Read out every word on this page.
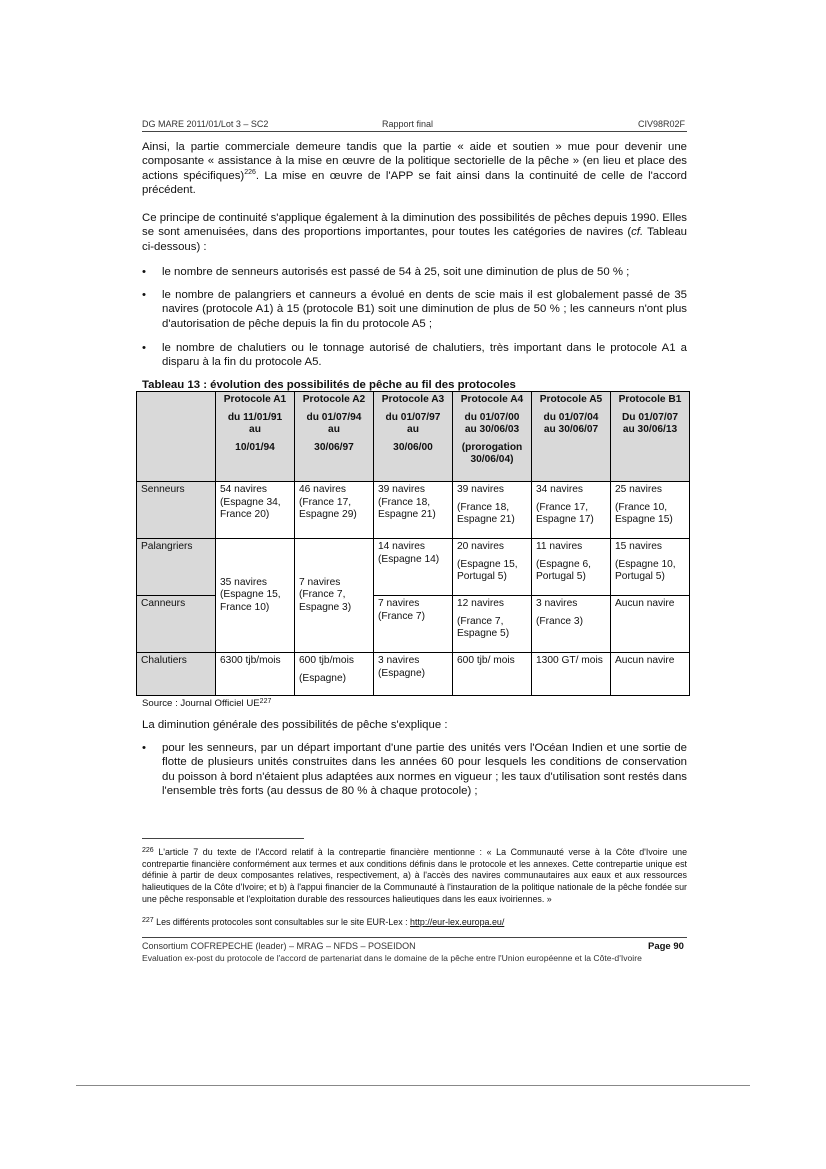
DG MARE 2011/01/Lot 3 – SC2	Rapport final	CIV98R02F
Ainsi, la partie commerciale demeure tandis que la partie « aide et soutien » mue pour devenir une composante « assistance à la mise en œuvre de la politique sectorielle de la pêche » (en lieu et place des actions spécifiques)$^{226}$. La mise en œuvre de l'APP se fait ainsi dans la continuité de celle de l'accord précédent.
Ce principe de continuité s'applique également à la diminution des possibilités de pêches depuis 1990. Elles se sont amenuisées, dans des proportions importantes, pour toutes les catégories de navires (cf. Tableau ci-dessous) :
•	le nombre de senneurs autorisés est passé de 54 à 25, soit une diminution de plus de 50 % ;
•	le nombre de palangriers et canneurs a évolué en dents de scie mais il est globalement passé de 35 navires (protocole A1) à 15 (protocole B1) soit une diminution de plus de 50 % ; les canneurs n'ont plus d'autorisation de pêche depuis la fin du protocole A5 ;
•	le nombre de chalutiers ou le tonnage autorisé de chalutiers, très important dans le protocole A1 a disparu à la fin du protocole A5.
Tableau 13 : évolution des possibilités de pêche au fil des protocoles

	Protocole A1
du 11/01/91
au
10/01/94	Protocole A2
du 01/07/94
au
30/06/97	Protocole A3
du 01/07/97
au
30/06/00	Protocole A4
du 01/07/00
au 30/06/03
(prorogation 30/06/04)	Protocole A5
du 01/07/04
au 30/06/07	Protocole B1
Du 01/07/07
au 30/06/13

Senneurs	54 navires
(Espagne 34, France 20)	46 navires
(France 17, Espagne 29)	39 navires
(France 18, Espagne 21)	39 navires
(France 18, Espagne 21)	34 navires
(France 17, Espagne 17)	25 navires
(France 10, Espagne 15)

Palangriers	35 navires
(Espagne 15, France 10)	7 navires
(France 7, Espagne 3)	14 navires
(Espagne 14)	20 navires
(Espagne 15, Portugal 5)	11 navires
(Espagne 6, Portugal 5)	15 navires
(Espagne 10, Portugal 5)

Canneurs			7 navires
(France 7)	12 navires
(France 7, Espagne 5)	3 navires
(France 3)	Aucun navire

Chalutiers	6300 tjb/mois	600 tjb/mois
(Espagne)	3 navires
(Espagne)	600 tjb/ mois	1300 GT/ mois	Aucun navire
Source : Journal Officiel UE$^{227}$
La diminution générale des possibilités de pêche s'explique :
•	pour les senneurs, par un départ important d'une partie des unités vers l'Océan Indien et une sortie de flotte de plusieurs unités construites dans les années 60 pour lesquels les conditions de conservation du poisson à bord n'étaient plus adaptées aux normes en vigueur ; les taux d'utilisation sont restés dans l'ensemble très forts (au dessus de 80 % à chaque protocole) ;
$^{226}$ L'article 7 du texte de l'Accord relatif à la contrepartie financière mentionne : « La Communauté verse à la Côte d'Ivoire une contrepartie financière conformément aux termes et aux conditions définis dans le protocole et les annexes. Cette contrepartie unique est définie à partir de deux composantes relatives, respectivement, a) à l'accès des navires communautaires aux eaux et aux ressources halieutiques de la Côte d'Ivoire; et b) à l'appui financier de la Communauté à l'instauration de la politique nationale de la pêche fondée sur une pêche responsable et l'exploitation durable des ressources halieutiques dans les eaux ivoiriennes. »
$^{227}$ Les différents protocoles sont consultables sur le site EUR-Lex : http://eur-lex.europa.eu/
Consortium COFREPECHE (leader) – MRAG – NFDS – POSEIDON	Page 90
Evaluation ex-post du protocole de l'accord de partenariat dans le domaine de la pêche entre l'Union européenne et la Côte-d'Ivoire
